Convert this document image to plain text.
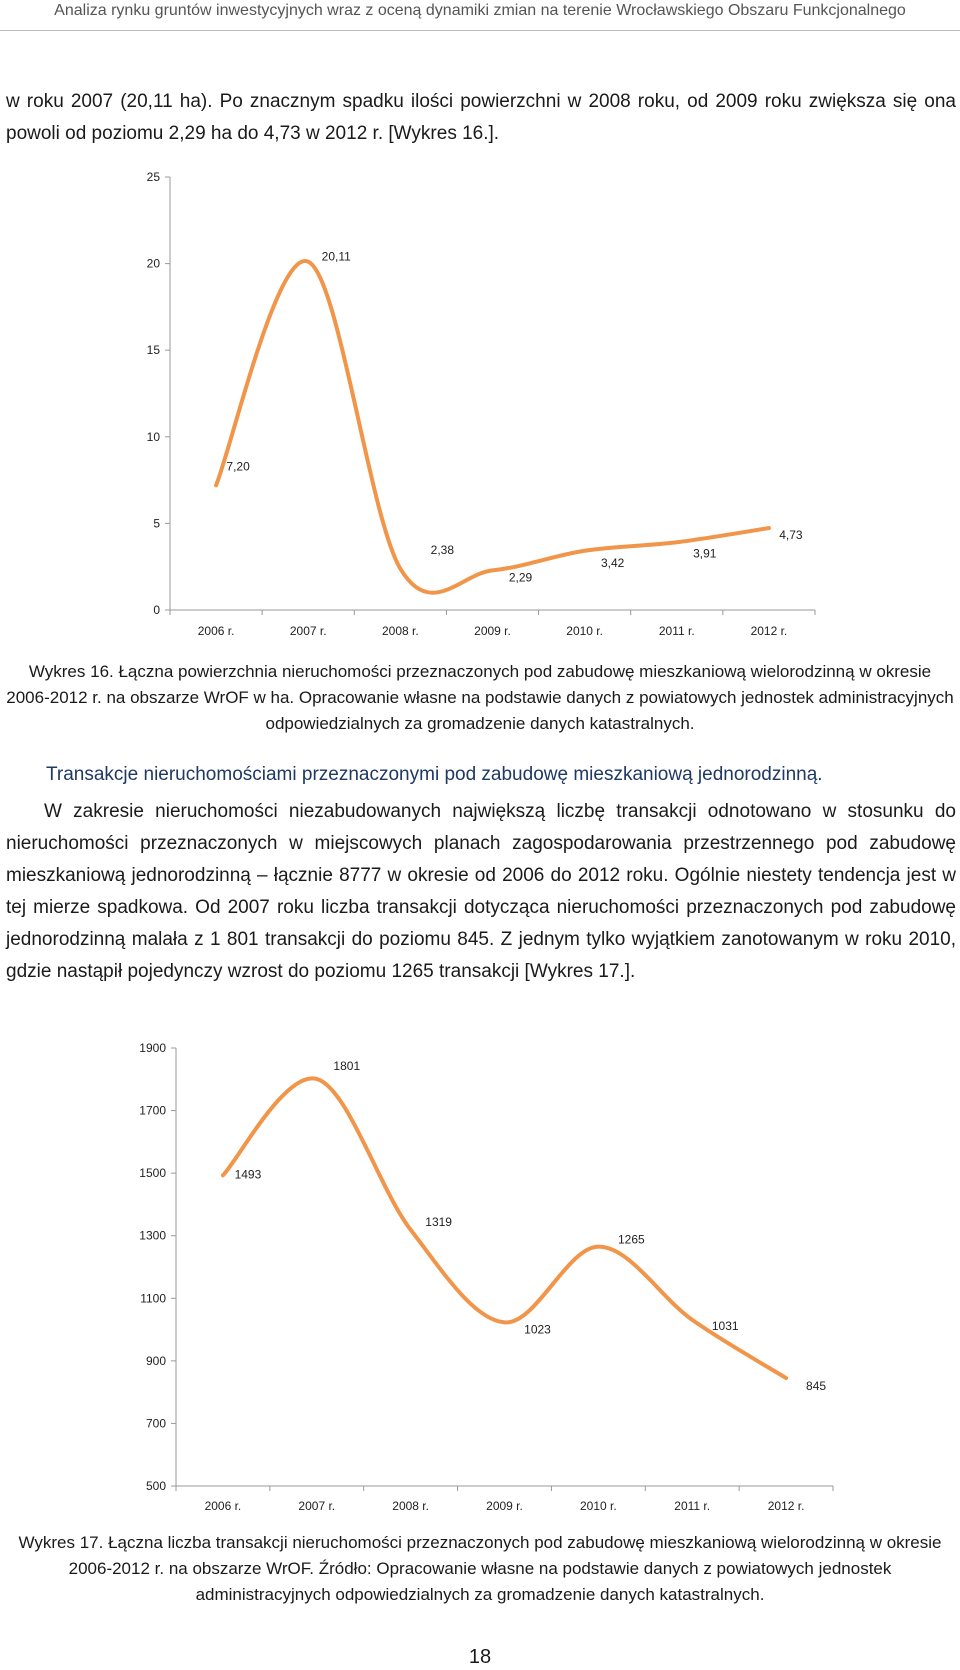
Analiza rynku gruntów inwestycyjnych wraz z oceną dynamiki zmian na terenie Wrocławskiego Obszaru Funkcjonalnego

w roku 2007 (20,11 ha). Po znacznym spadku ilości powierzchni w 2008 roku, od 2009 roku zwiększa się ona powoli od poziomu 2,29 ha do 4,73 w 2012 r. [Wykres 16.].

0
5
10
15
20
25
2006 r.	2007 r.	2008 r.	2009 r.	2010 r.	2011 r.	2012 r.
7,20
20,11
2,38
2,29
3,42
3,91
4,73

Wykres 16. Łączna powierzchnia nieruchomości przeznaczonych pod zabudowę mieszkaniową wielorodzinną w okresie 2006-2012 r. na obszarze WrOF w ha. Opracowanie własne na podstawie danych z powiatowych jednostek administracyjnych odpowiedzialnych za gromadzenie danych katastralnych.

Transakcje nieruchomościami przeznaczonymi pod zabudowę mieszkaniową jednorodzinną.

W zakresie nieruchomości niezabudowanych największą liczbę transakcji odnotowano w stosunku do nieruchomości przeznaczonych w miejscowych planach zagospodarowania przestrzennego pod zabudowę mieszkaniową jednorodzinną – łącznie 8777 w okresie od 2006 do 2012 roku. Ogólnie niestety tendencja jest w tej mierze spadkowa. Od 2007 roku liczba transakcji dotycząca nieruchomości przeznaczonych pod zabudowę jednorodzinną malała z 1 801 transakcji do poziomu 845. Z jednym tylko wyjątkiem zanotowanym w roku 2010, gdzie nastąpił pojedynczy wzrost do poziomu 1265 transakcji [Wykres 17.].

500
700
900
1100
1300
1500
1700
1900
2006 r.	2007 r.	2008 r.	2009 r.	2010 r.	2011 r.	2012 r.
1493
1801
1319
1023
1265
1031
845

Wykres 17. Łączna liczba transakcji nieruchomości przeznaczonych pod zabudowę mieszkaniową wielorodzinną w okresie 2006-2012 r. na obszarze WrOF. Źródło: Opracowanie własne na podstawie danych z powiatowych jednostek administracyjnych odpowiedzialnych za gromadzenie danych katastralnych.

18
